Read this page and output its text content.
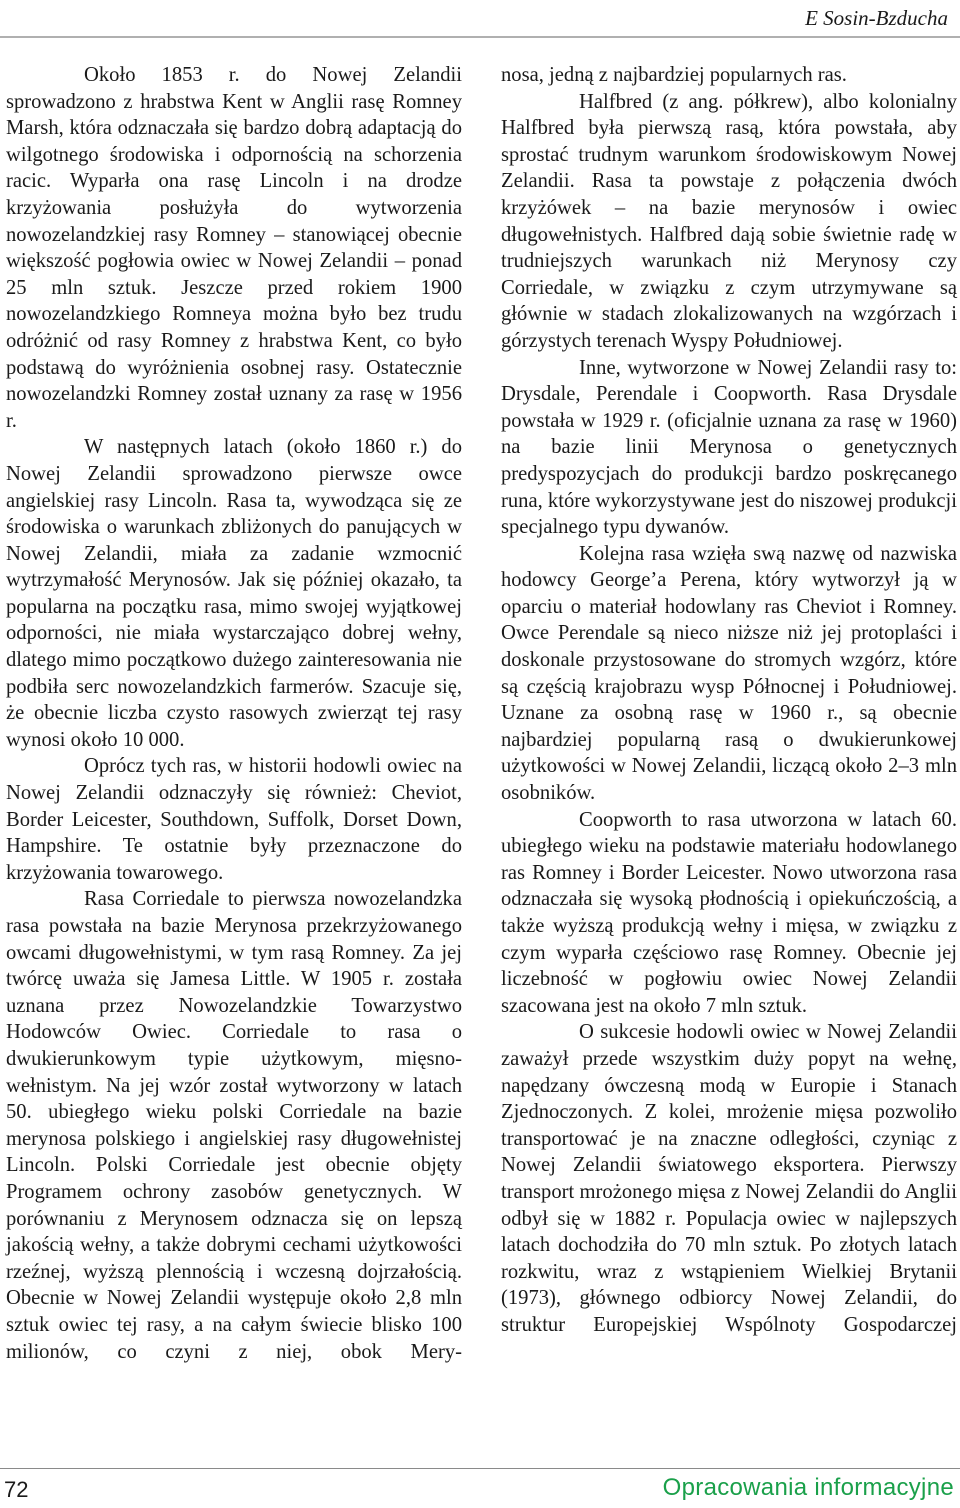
E Sosin-Bzducha

Około 1853 r. do Nowej Zelandii sprowadzono z hrabstwa Kent w Anglii rasę Romney Marsh, która odznaczała się bardzo dobrą adaptacją do wilgotnego środowiska i odpornością na schorzenia racic. Wyparła ona rasę Lincoln i na drodze krzyżowania posłużyła do wytworzenia nowozelandzkiej rasy Romney – stanowiącej obecnie większość pogłowia owiec w Nowej Zelandii – ponad 25 mln sztuk. Jeszcze przed rokiem 1900 nowozelandzkiego Romneya można było bez trudu odróżnić od rasy Romney z hrabstwa Kent, co było podstawą do wyróżnienia osobnej rasy. Ostatecznie nowozelandzki Romney został uznany za rasę w 1956 r.

W następnych latach (około 1860 r.) do Nowej Zelandii sprowadzono pierwsze owce angielskiej rasy Lincoln. Rasa ta, wywodząca się ze środowiska o warunkach zbliżonych do panujących w Nowej Zelandii, miała za zadanie wzmocnić wytrzymałość Merynosów. Jak się później okazało, ta popularna na początku rasa, mimo swojej wyjątkowej odporności, nie miała wystarczająco dobrej wełny, dlatego mimo początkowo dużego zainteresowania nie podbiła serc nowozelandzkich farmerów. Szacuje się, że obecnie liczba czysto rasowych zwierząt tej rasy wynosi około 10 000.

Oprócz tych ras, w historii hodowli owiec na Nowej Zelandii odznaczyły się również: Cheviot, Border Leicester, Southdown, Suffolk, Dorset Down, Hampshire. Te ostatnie były przeznaczone do krzyżowania towarowego.

Rasa Corriedale to pierwsza nowozelandzka rasa powstała na bazie Merynosa przekrzyżowanego owcami długowełnistymi, w tym rasą Romney. Za jej twórcę uważa się Jamesa Little. W 1905 r. została uznana przez Nowozelandzkie Towarzystwo Hodowców Owiec. Corriedale to rasa o dwukierunkowym typie użytkowym, mięsno-wełnistym. Na jej wzór został wytworzony w latach 50. ubiegłego wieku polski Corriedale na bazie merynosa polskiego i angielskiej rasy długowełnistej Lincoln. Polski Corriedale jest obecnie objęty Programem ochrony zasobów genetycznych. W porównaniu z Merynosem odznacza się on lepszą jakością wełny, a także dobrymi cechami użytkowości rzeźnej, wyższą plennością i wczesną dojrzałością. Obecnie w Nowej Zelandii występuje około 2,8 mln sztuk owiec tej rasy, a na całym świecie blisko 100 milionów, co czyni z niej, obok Mery-

nosa, jedną z najbardziej popularnych ras.

Halfbred (z ang. półkrew), albo kolonialny Halfbred była pierwszą rasą, która powstała, aby sprostać trudnym warunkom środowiskowym Nowej Zelandii. Rasa ta powstaje z połączenia dwóch krzyżówek – na bazie merynosów i owiec długowełnistych. Halfbred dają sobie świetnie radę w trudniejszych warunkach niż Merynosy czy Corriedale, w związku z czym utrzymywane są głównie w stadach zlokalizowanych na wzgórzach i górzystych terenach Wyspy Południowej.

Inne, wytworzone w Nowej Zelandii rasy to: Drysdale, Perendale i Coopworth. Rasa Drysdale powstała w 1929 r. (oficjalnie uznana za rasę w 1960) na bazie linii Merynosa o genetycznych predyspozycjach do produkcji bardzo poskręcanego runa, które wykorzystywane jest do niszowej produkcji specjalnego typu dywanów.

Kolejna rasa wzięła swą nazwę od nazwiska hodowcy George’a Perena, który wytworzył ją w oparciu o materiał hodowlany ras Cheviot i Romney. Owce Perendale są nieco niższe niż jej protoplaści i doskonale przystosowane do stromych wzgórz, które są częścią krajobrazu wysp Północnej i Południowej. Uznane za osobną rasę w 1960 r., są obecnie najbardziej popularną rasą o dwukierunkowej użytkowości w Nowej Zelandii, liczącą około 2–3 mln osobników.

Coopworth to rasa utworzona w latach 60. ubiegłego wieku na podstawie materiału hodowlanego ras Romney i Border Leicester. Nowo utworzona rasa odznaczała się wysoką płodnością i opiekuńczością, a także wyższą produkcją wełny i mięsa, w związku z czym wyparła częściowo rasę Romney. Obecnie jej liczebność w pogłowiu owiec Nowej Zelandii szacowana jest na około 7 mln sztuk.

O sukcesie hodowli owiec w Nowej Zelandii zaważył przede wszystkim duży popyt na wełnę, napędzany ówczesną modą w Europie i Stanach Zjednoczonych. Z kolei, mrożenie mięsa pozwoliło transportować je na znaczne odległości, czyniąc z Nowej Zelandii światowego eksportera. Pierwszy transport mrożonego mięsa z Nowej Zelandii do Anglii odbył się w 1882 r. Populacja owiec w najlepszych latach dochodziła do 70 mln sztuk. Po złotych latach rozkwitu, wraz z wstąpieniem Wielkiej Brytanii (1973), głównego odbiorcy Nowej Zelandii, do struktur Europejskiej Wspólnoty Gospodarczej

72	Opracowania informacyjne
